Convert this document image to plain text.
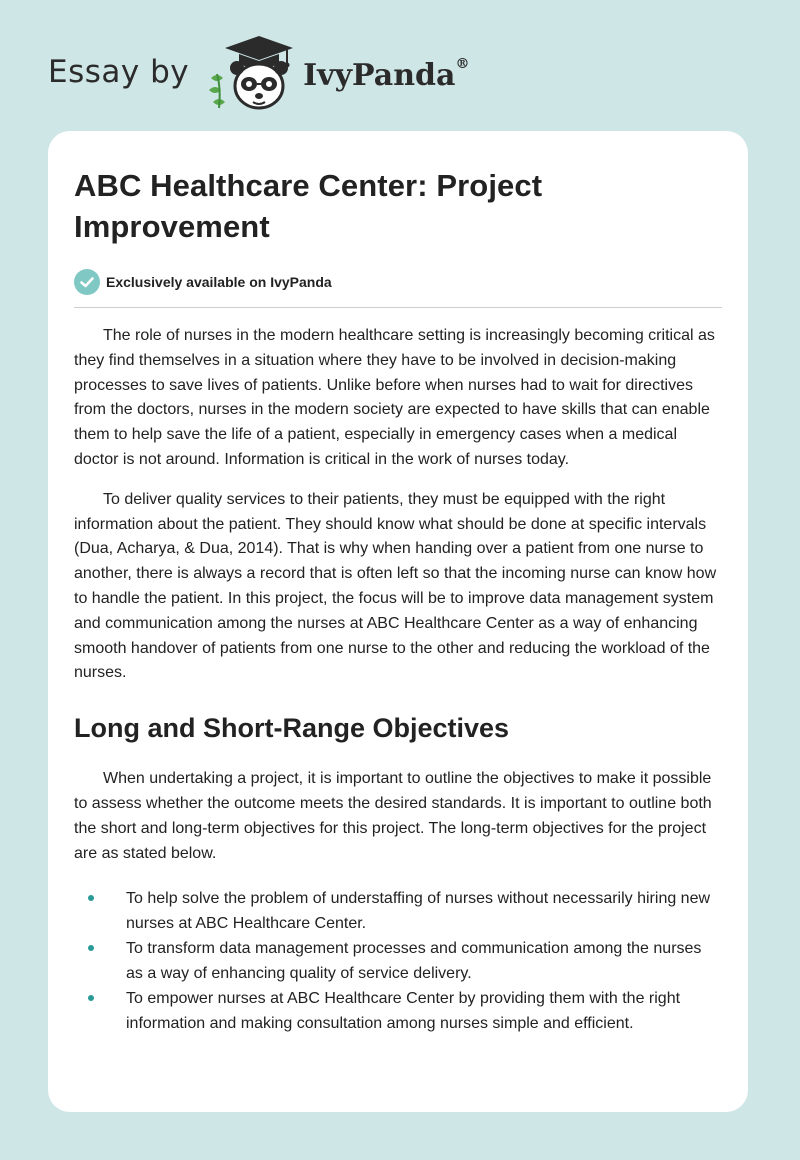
Essay by	IvyPanda®
ABC Healthcare Center: Project Improvement
Exclusively available on IvyPanda

The role of nurses in the modern healthcare setting is increasingly becoming critical as they find themselves in a situation where they have to be involved in decision-making processes to save lives of patients. Unlike before when nurses had to wait for directives from the doctors, nurses in the modern society are expected to have skills that can enable them to help save the life of a patient, especially in emergency cases when a medical doctor is not around. Information is critical in the work of nurses today.

To deliver quality services to their patients, they must be equipped with the right information about the patient. They should know what should be done at specific intervals (Dua, Acharya, & Dua, 2014). That is why when handing over a patient from one nurse to another, there is always a record that is often left so that the incoming nurse can know how to handle the patient. In this project, the focus will be to improve data management system and communication among the nurses at ABC Healthcare Center as a way of enhancing smooth handover of patients from one nurse to the other and reducing the workload of the nurses.

Long and Short-Range Objectives

When undertaking a project, it is important to outline the objectives to make it possible to assess whether the outcome meets the desired standards. It is important to outline both the short and long-term objectives for this project. The long-term objectives for the project are as stated below.

To help solve the problem of understaffing of nurses without necessarily hiring new nurses at ABC Healthcare Center.
To transform data management processes and communication among the nurses as a way of enhancing quality of service delivery.
To empower nurses at ABC Healthcare Center by providing them with the right information and making consultation among nurses simple and efficient.
